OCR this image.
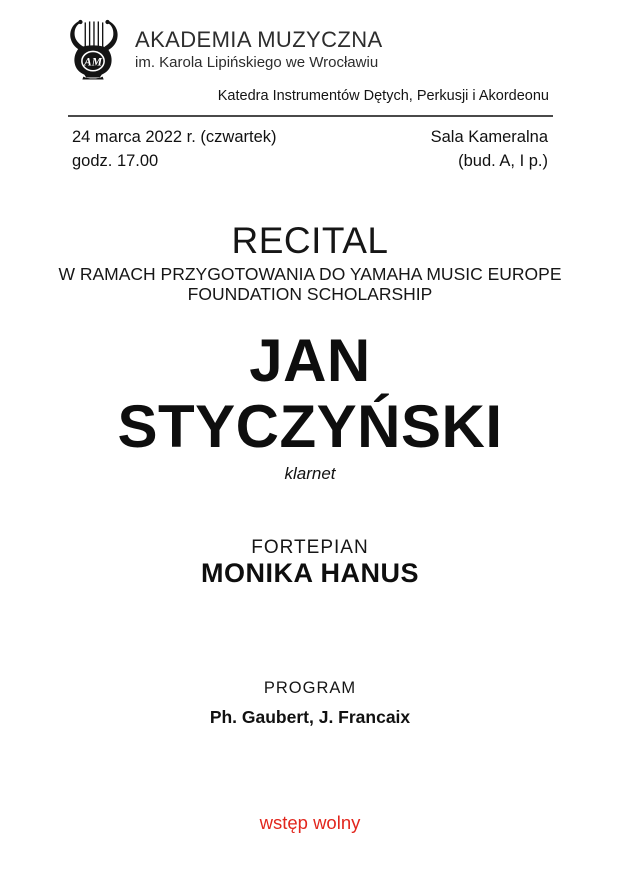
AM
AKADEMIA MUZYCZNA
im. Karola Lipińskiego we Wrocławiu
Katedra Instrumentów Dętych, Perkusji i Akordeonu
24 marca 2022 r. (czwartek)
godz. 17.00
Sala Kameralna
(bud. A, I p.)
RECITAL
W RAMACH PRZYGOTOWANIA DO YAMAHA MUSIC EUROPE
FOUNDATION SCHOLARSHIP
JAN
STYCZYŃSKI
klarnet
FORTEPIAN
MONIKA HANUS
PROGRAM
Ph. Gaubert, J. Francaix
wstęp wolny
